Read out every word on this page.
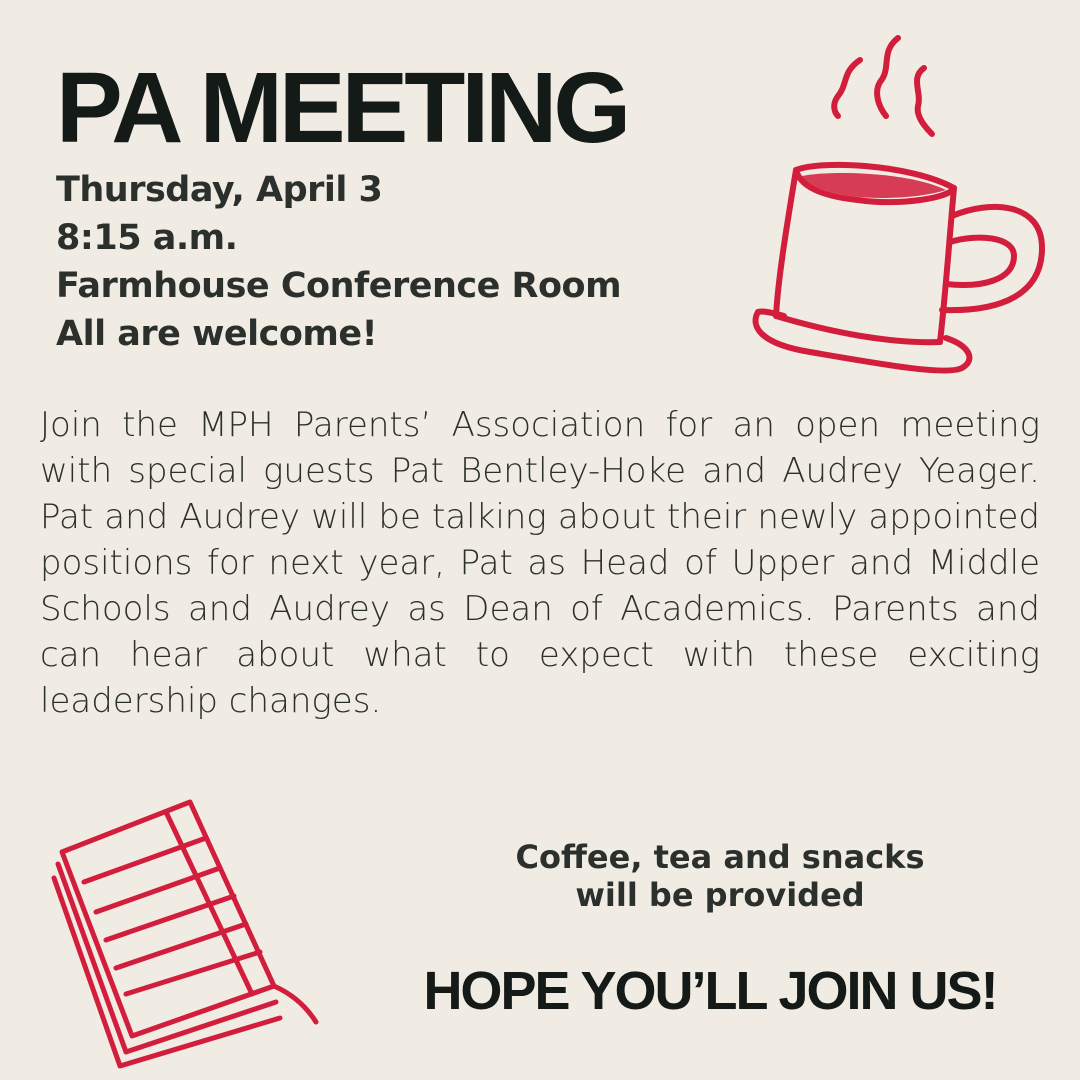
PA MEETING
Thursday, April 3
8:15 a.m.
Farmhouse Conference Room
All are welcome!

Join the MPH Parents’ Association for an open meeting with special guests Pat Bentley-Hoke and Audrey Yeager. Pat and Audrey will be talking about their newly appointed positions for next year, Pat as Head of Upper and Middle Schools and Audrey as Dean of Academics. Parents and can hear about what to expect with these exciting leadership changes.

Coffee, tea and snacks
will be provided
HOPE YOU’LL JOIN US!
